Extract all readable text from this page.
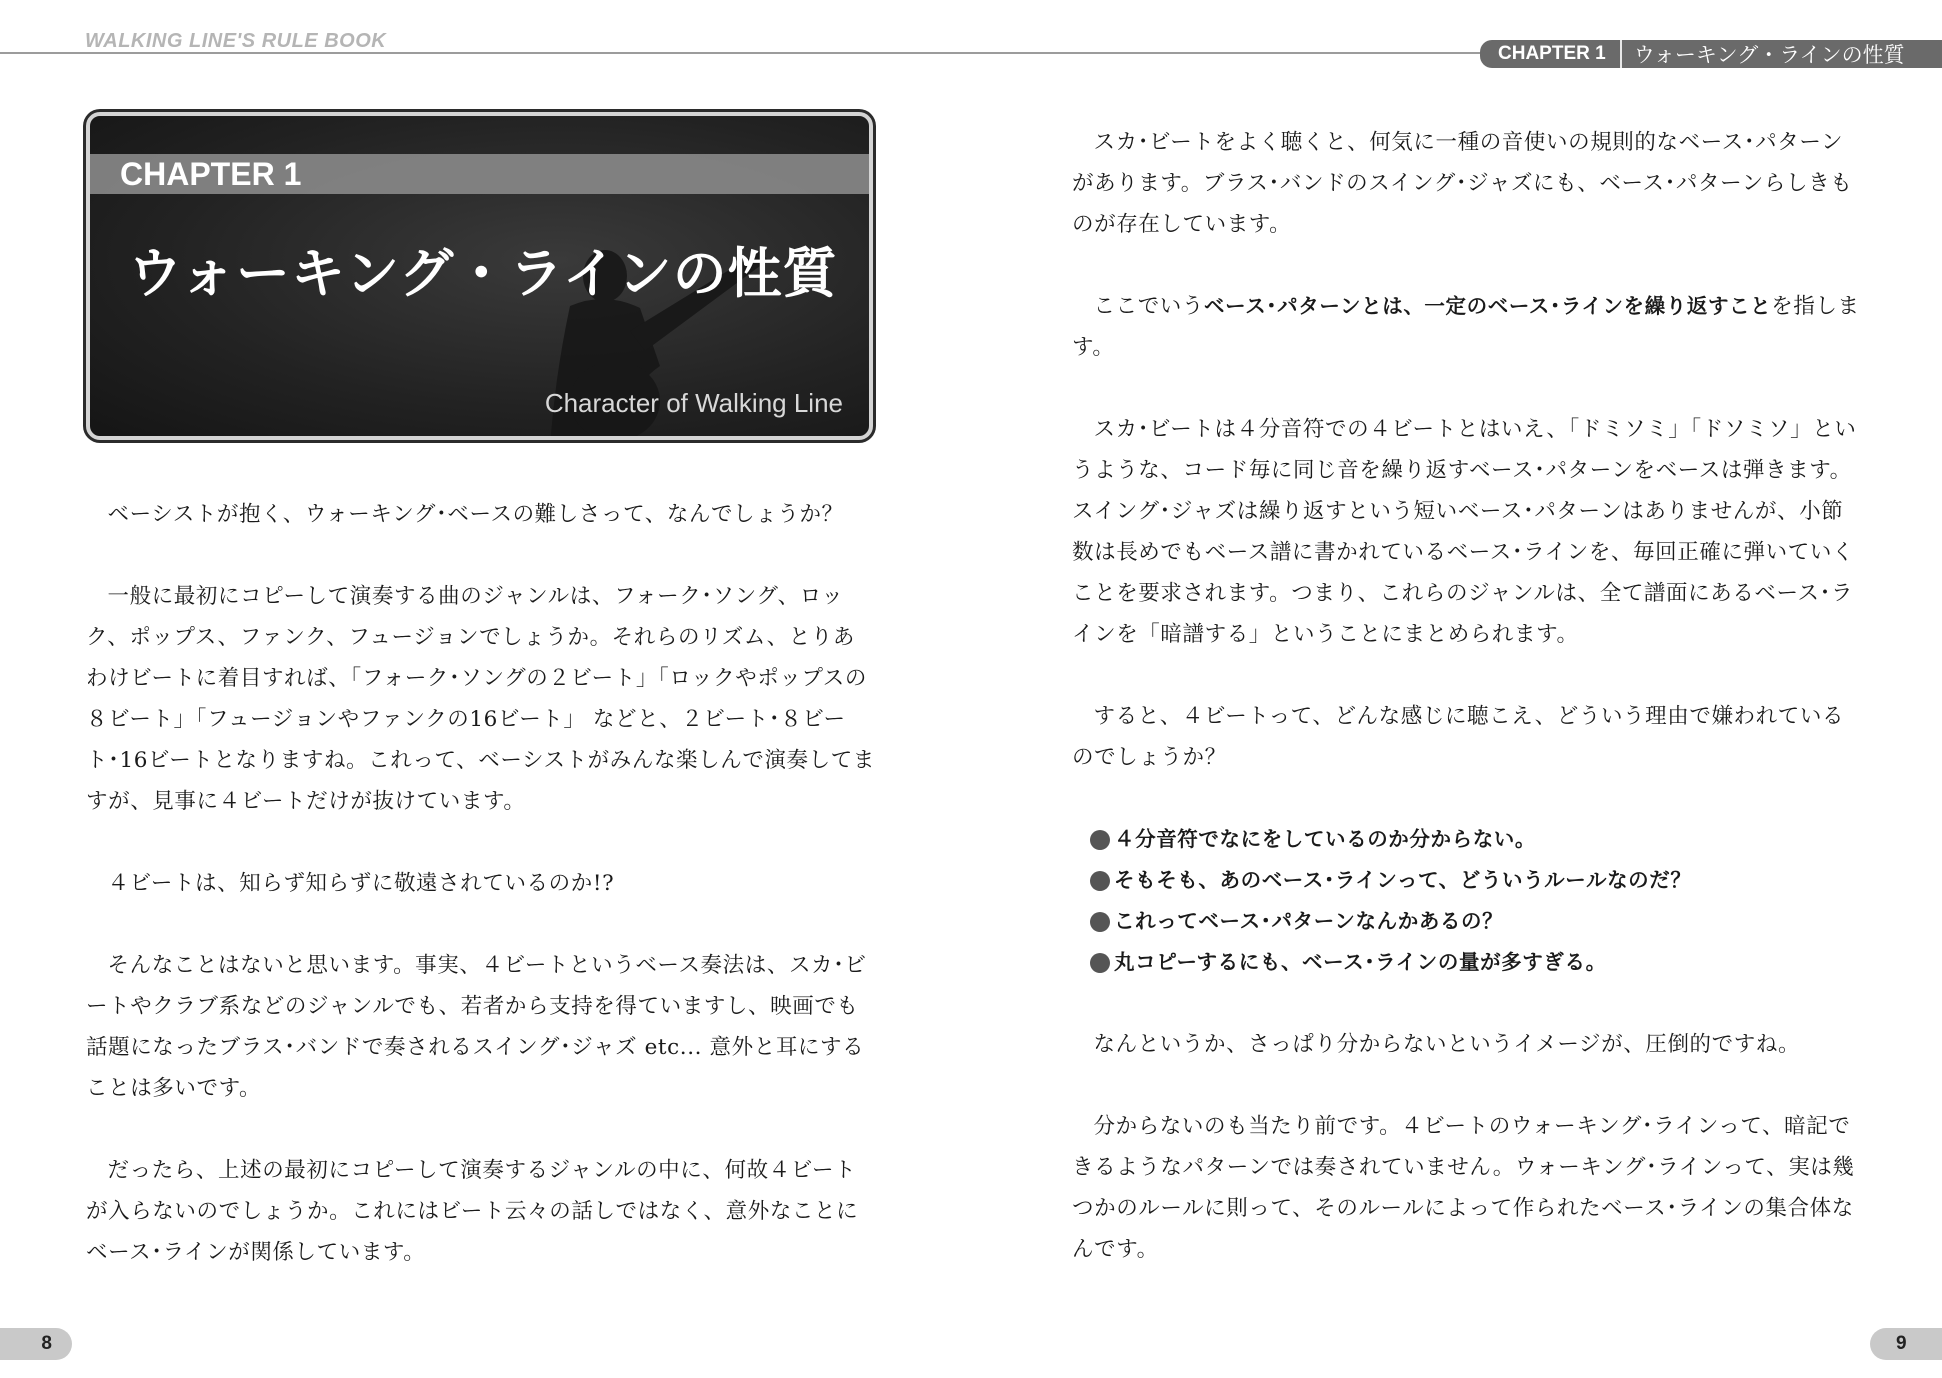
WALKING LINE'S RULE BOOK
CHAPTER 1	ウォーキング・ラインの性質
CHAPTER 1
ウォーキング・ラインの性質
Character of Walking Line

ベーシストが抱く、ウォーキング･ベースの難しさって、なんでしょうか？

一般に最初にコピーして演奏する曲のジャンルは、フォーク･ソング、ロック、ポップス、ファンク、フュージョンでしょうか。それらのリズム、とりあわけビートに着目すれば、「フォーク･ソングの２ビート」「ロックやポップスの８ビート」「フュージョンやファンクの16ビート」 などと、２ビート･８ビート･16ビートとなりますね。これって、ベーシストがみんな楽しんで演奏してますが、見事に４ビートだけが抜けています。

４ビートは、知らず知らずに敬遠されているのか!?

そんなことはないと思います。事実、４ビートというベース奏法は、スカ･ビートやクラブ系などのジャンルでも、若者から支持を得ていますし、映画でも話題になったブラス･バンドで奏されるスイング･ジャズ etc... 意外と耳にすることは多いです。

だったら、上述の最初にコピーして演奏するジャンルの中に、何故４ビートが入らないのでしょうか。これにはビート云々の話しではなく、意外なことにベース･ラインが関係しています。

スカ･ビートをよく聴くと、何気に一種の音使いの規則的なベース･パターンがあります。ブラス･バンドのスイング･ジャズにも、ベース･パターンらしきものが存在しています。

ここでいうベース･パターンとは、一定のベース･ラインを繰り返すことを指します。

スカ･ビートは４分音符での４ビートとはいえ、「ドミソミ」「ドソミソ」というような、コード毎に同じ音を繰り返すベース･パターンをベースは弾きます。スイング･ジャズは繰り返すという短いベース･パターンはありませんが、小節数は長めでもベース譜に書かれているベース･ラインを、毎回正確に弾いていくことを要求されます。つまり、これらのジャンルは、全て譜面にあるベース･ラインを「暗譜する」ということにまとめられます。

すると、４ビートって、どんな感じに聴こえ、どういう理由で嫌われているのでしょうか？

４分音符でなにをしているのか分からない。
そもそも、あのベース･ラインって、どういうルールなのだ？
これってベース･パターンなんかあるの？
丸コピーするにも、ベース･ラインの量が多すぎる。

なんというか、さっぱり分からないというイメージが、圧倒的ですね。

分からないのも当たり前です。４ビートのウォーキング･ラインって、暗記できるようなパターンでは奏されていません。ウォーキング･ラインって、実は幾つかのルールに則って、そのルールによって作られたベース･ラインの集合体なんです。

8	9
